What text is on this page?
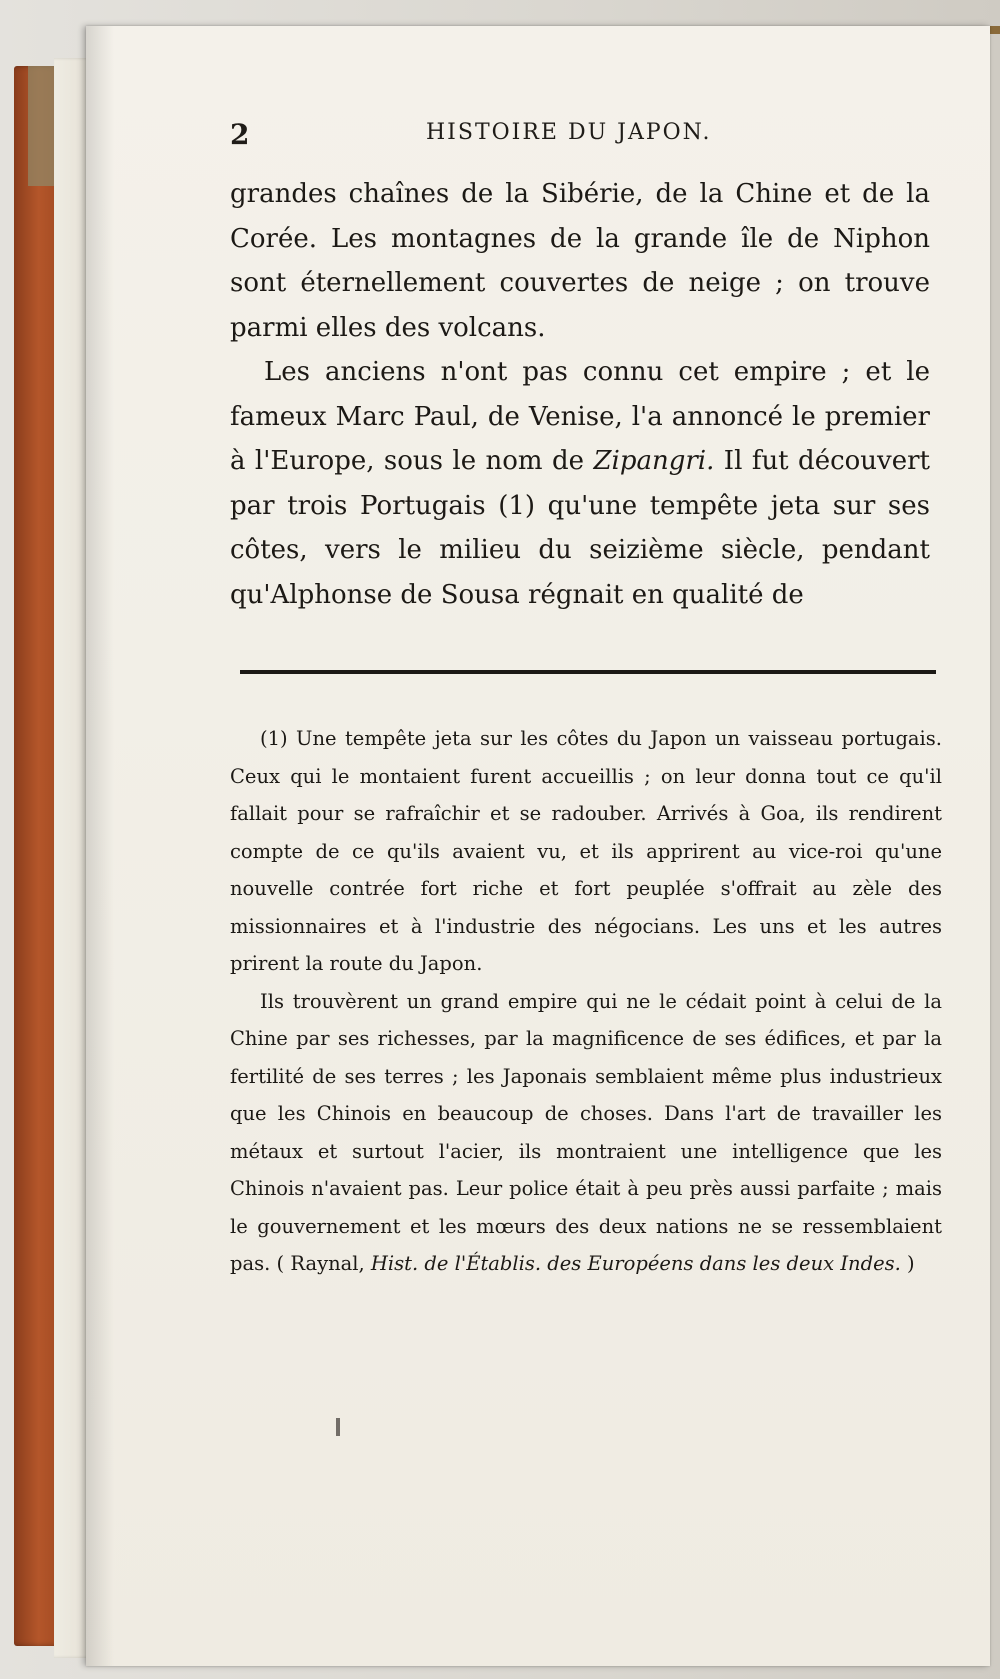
2	HISTOIRE DU JAPON.

grandes chaînes de la Sibérie, de la Chine et de la Corée. Les montagnes de la grande île de Niphon sont éternellement couvertes de neige ; on trouve parmi elles des volcans.

Les anciens n'ont pas connu cet empire ; et le fameux Marc Paul, de Venise, l'a annoncé le premier à l'Europe, sous le nom de Zipangri. Il fut découvert par trois Portugais (1) qu'une tempête jeta sur ses côtes, vers le milieu du seizième siècle, pendant qu'Alphonse de Sousa régnait en qualité de

(1) Une tempête jeta sur les côtes du Japon un vaisseau portugais. Ceux qui le montaient furent accueillis ; on leur donna tout ce qu'il fallait pour se rafraîchir et se radouber. Arrivés à Goa, ils rendirent compte de ce qu'ils avaient vu, et ils apprirent au vice-roi qu'une nouvelle contrée fort riche et fort peuplée s'offrait au zèle des missionnaires et à l'industrie des négocians. Les uns et les autres prirent la route du Japon.

Ils trouvèrent un grand empire qui ne le cédait point à celui de la Chine par ses richesses, par la magnificence de ses édifices, et par la fertilité de ses terres ; les Japonais semblaient même plus industrieux que les Chinois en beaucoup de choses. Dans l'art de travailler les métaux et surtout l'acier, ils montraient une intelligence que les Chinois n'avaient pas. Leur police était à peu près aussi parfaite ; mais le gouvernement et les mœurs des deux nations ne se ressemblaient pas. ( Raynal, Hist. de l'Établis. des Européens dans les deux Indes. )
